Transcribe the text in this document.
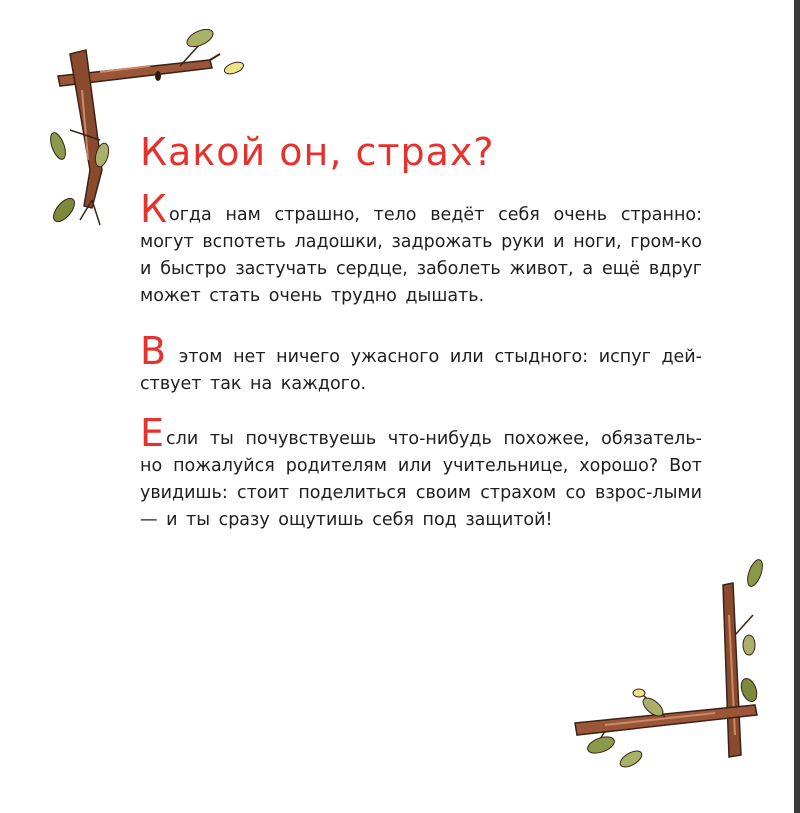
Какой он, страх?

Когда нам страшно, тело ведёт себя очень странно: могут вспотеть ладошки, задрожать руки и ноги, гром-ко и быстро застучать сердце, заболеть живот, а ещё вдруг может стать очень трудно дышать.

В этом нет ничего ужасного или стыдного: испуг дей-ствует так на каждого.

Если ты почувствуешь что-нибудь похожее, обязатель-но пожалуйся родителям или учительнице, хорошо? Вот увидишь: стоит поделиться своим страхом со взрос-лыми — и ты сразу ощутишь себя под защитой!
